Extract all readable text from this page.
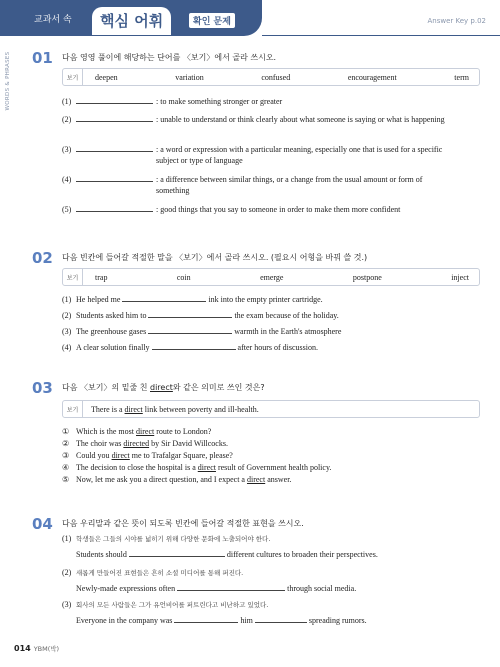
교과서 속	핵심 어휘	확인 문제	Answer Key p.02
WORDS & PHRASES 01 다음 영영 풀이에 해당하는 단어를 〈보기〉에서 골라 쓰시오.
보기	deepen	variation	confused	encouragement	term
(1)	: to make something stronger or greater
(2)	: unable to understand or think clearly about what someone is saying or what is happening
(3)	: a word or expression with a particular meaning, especially one that is used for a specific subject or type of language
(4)	: a difference between similar things, or a change from the usual amount or form of something
(5)	: good things that you say to someone in order to make them more confident
02 다음 빈칸에 들어갈 적절한 말을 〈보기〉에서 골라 쓰시오. (필요시 어형을 바꿔 쓸 것.)
보기	trap	coin	emerge	postpone	inject
(1) He helped me	ink into the empty printer cartridge.
(2) Students asked him to	the exam because of the holiday.
(3) The greenhouse gases	warmth in the Earth's atmosphere
(4) A clear solution finally	after hours of discussion.
03 다음 〈보기〉의 밑줄 친 direct와 같은 의미로 쓰인 것은?
보기	There is a direct link between poverty and ill-health.
① Which is the most direct route to London?
② The choir was directed by Sir David Willcocks.
③ Could you direct me to Trafalgar Square, please?
④ The decision to close the hospital is a direct result of Government health policy.
⑤ Now, let me ask you a direct question, and I expect a direct answer.
04 다음 우리말과 같은 뜻이 되도록 빈칸에 들어갈 적절한 표현을 쓰시오.
(1) 학생들은 그들의 시야를 넓히기 위해 다양한 문화에 노출되어야 한다.
Students should	different cultures to broaden their perspectives.
(2) 새롭게 만들어진 표현들은 흔히 소셜 미디어를 통해 퍼진다.
Newly-made expressions often	through social media.
(3) 회사의 모든 사람들은 그가 유언비어를 퍼트린다고 비난하고 있었다.
Everyone in the company was	him	spreading rumors.
014 YBM(박)
